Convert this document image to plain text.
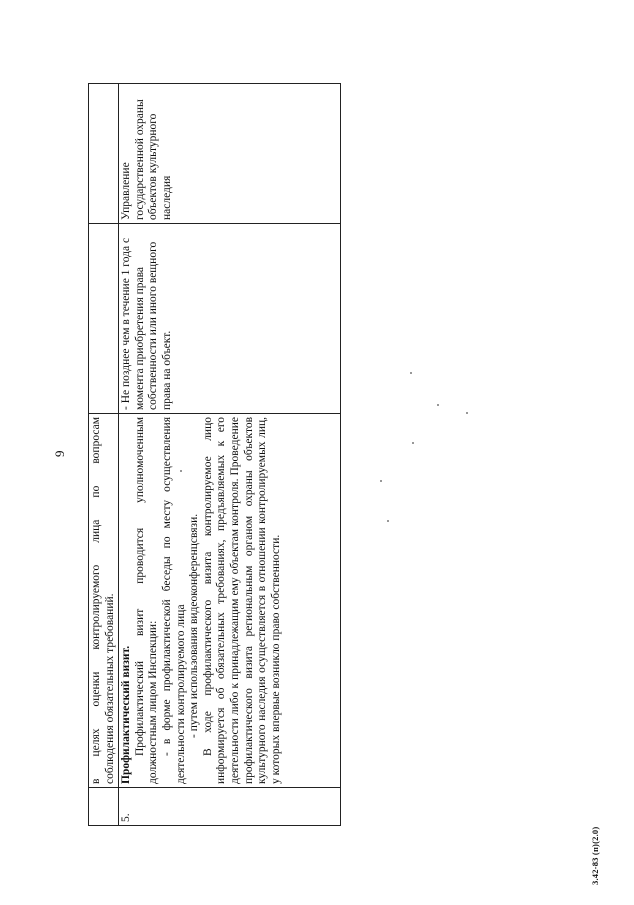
9

	в целях оценки контролируемого лица по вопросам соблюдения обязательных требований.		

5.	Профилактический визит. Профилактический визит проводится уполномоченным должностным лицом Инспекции: - в форме профилактической беседы по месту осуществления деятельности контролируемого лица - путем использования видеоконференцсвязи. В ходе профилактического визита контролируемое лицо информируется об обязательных требованиях, предъявляемых к его деятельности либо к принадлежащим ему объектам контроля. Проведение профилактического визита региональным органом охраны объектов культурного наследия осуществляется в отношении контролируемых лиц, у которых впервые возникло право собственности.	- Не позднее чем в течение 1 года с момента приобретения права собственности или иного вещного права на объект.	Управление государственной охраны объектов культурного наследия
3.42-83 (п)(2.0)
